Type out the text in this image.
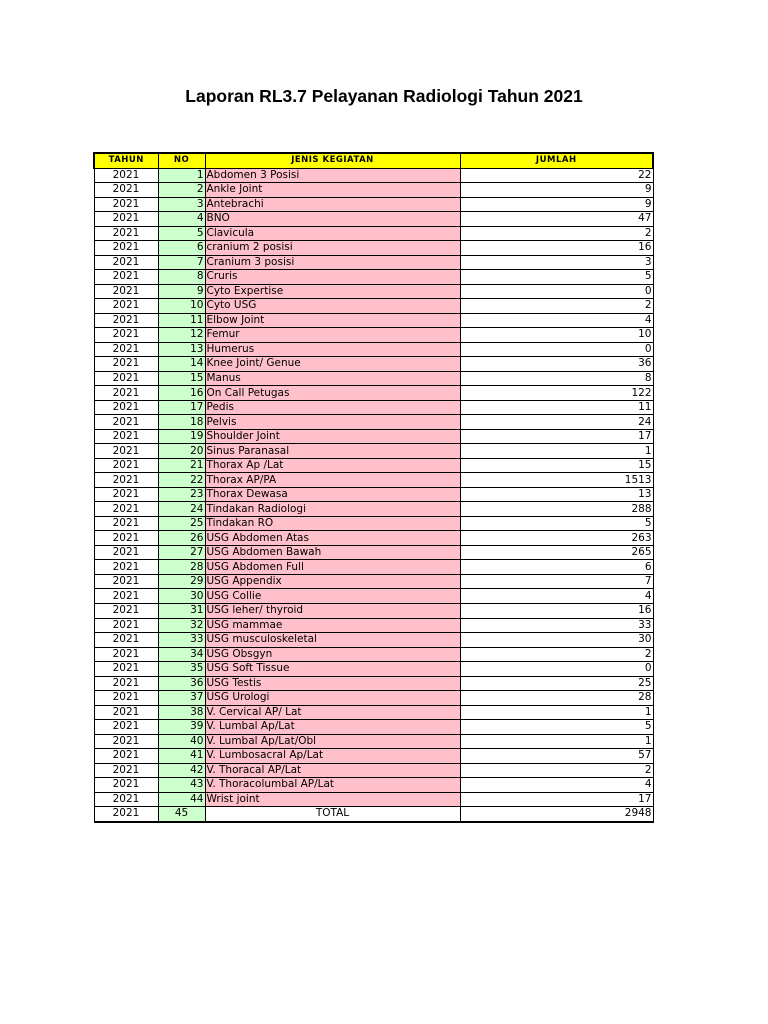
Laporan RL3.7 Pelayanan Radiologi Tahun 2021
TAHUN	NO	JENIS KEGIATAN	JUMLAH
2021	1	Abdomen 3 Posisi	22
2021	2	Ankle Joint	9
2021	3	Antebrachi	9
2021	4	BNO	47
2021	5	Clavicula	2
2021	6	cranium 2 posisi	16
2021	7	Cranium 3 posisi	3
2021	8	Cruris	5
2021	9	Cyto Expertise	0
2021	10	Cyto USG	2
2021	11	Elbow Joint	4
2021	12	Femur	10
2021	13	Humerus	0
2021	14	Knee Joint/ Genue	36
2021	15	Manus	8
2021	16	On Call Petugas	122
2021	17	Pedis	11
2021	18	Pelvis	24
2021	19	Shoulder Joint	17
2021	20	Sinus Paranasal	1
2021	21	Thorax Ap /Lat	15
2021	22	Thorax AP/PA	1513
2021	23	Thorax Dewasa	13
2021	24	Tindakan Radiologi	288
2021	25	Tindakan RO	5
2021	26	USG Abdomen Atas	263
2021	27	USG Abdomen Bawah	265
2021	28	USG Abdomen Full	6
2021	29	USG Appendix	7
2021	30	USG Collie	4
2021	31	USG leher/ thyroid	16
2021	32	USG mammae	33
2021	33	USG musculoskeletal	30
2021	34	USG Obsgyn	2
2021	35	USG Soft Tissue	0
2021	36	USG Testis	25
2021	37	USG Urologi	28
2021	38	V. Cervical AP/ Lat	1
2021	39	V. Lumbal Ap/Lat	5
2021	40	V. Lumbal Ap/Lat/Obl	1
2021	41	V. Lumbosacral Ap/Lat	57
2021	42	V. Thoracal AP/Lat	2
2021	43	V. Thoracolumbal AP/Lat	4
2021	44	Wrist joint	17
2021	45	TOTAL	2948
